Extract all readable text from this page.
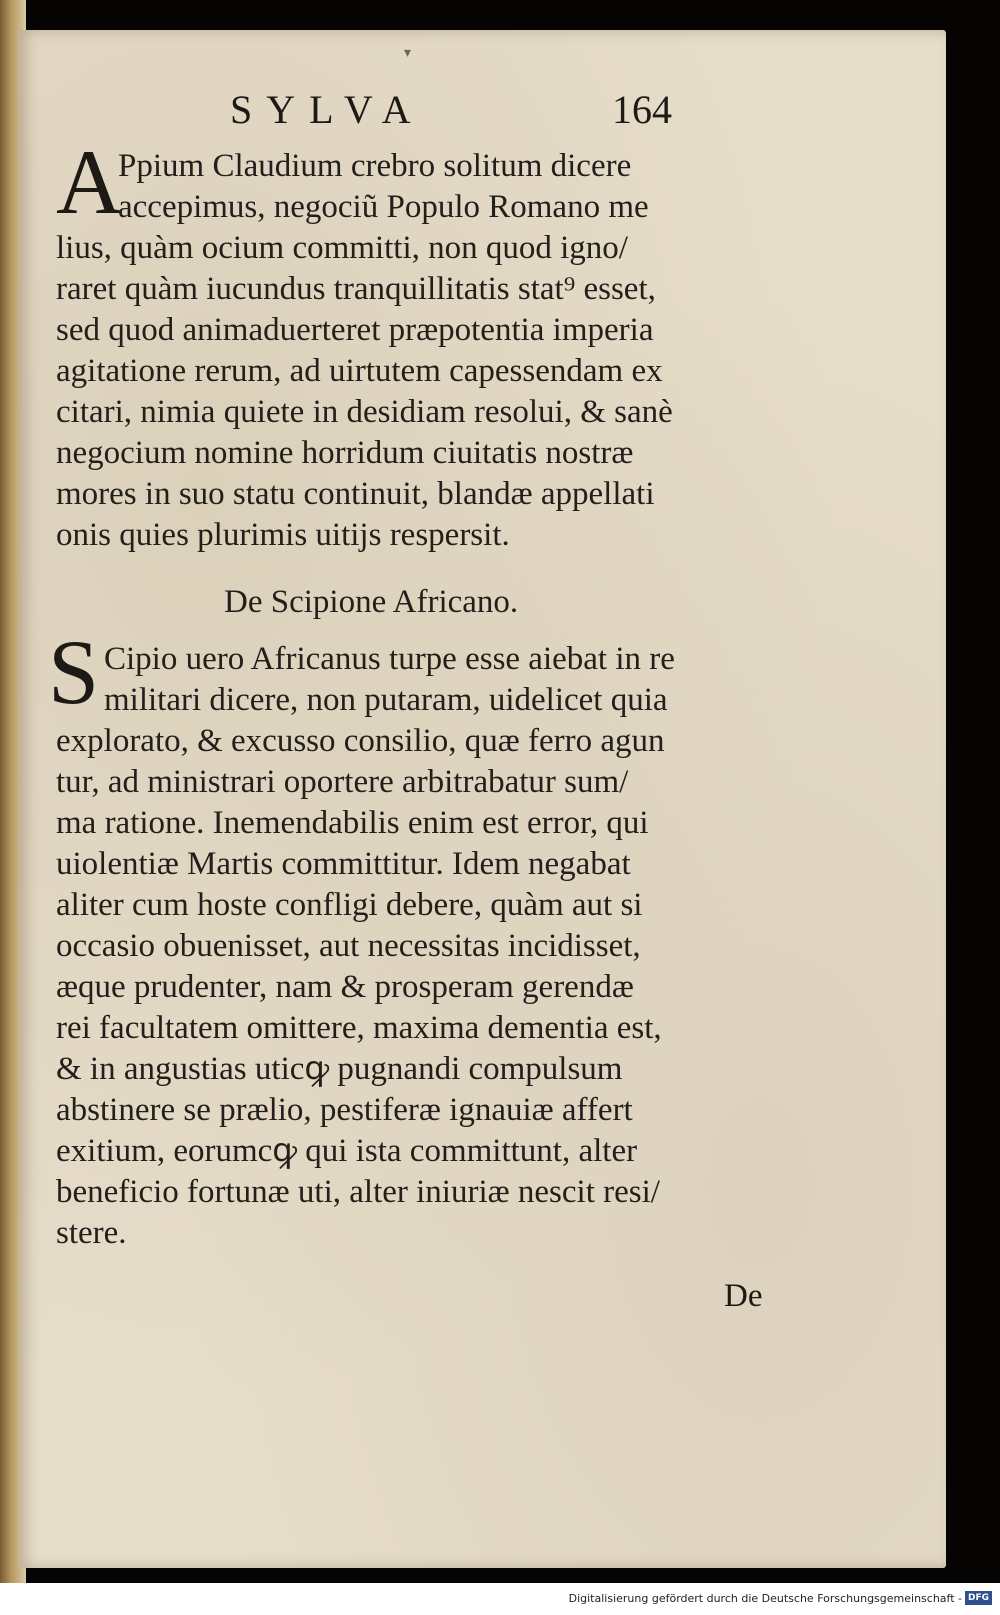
▾
SYLVA	164
A
Ppium Claudium crebro solitum dicere
accepimus, negociũ Populo Romano me
lius, quàm ocium committi, non quod igno/
raret quàm iucundus tranquillitatis stat⁹ esset,
sed quod animaduerteret præpotentia imperia
agitatione rerum, ad uirtutem capessendam ex
citari, nimia quiete in desidiam resolui, & sanè
negocium nomine horridum ciuitatis nostræ
mores in suo statu continuit, blandæ appellati
onis quies plurimis uitiјs respersit.
De Scipione Africano.
S Cipio uero Africanus turpe esse aiebat in re
militari dicere, non putaram, uidelicet quia
explorato, & excusso consilio, quæ ferro agun
tur, ad ministrari oportere arbitrabatur sum/
ma ratione. Inemendabilis enim est error, qui
uiolentiæ Martis committitur. Idem negabat
aliter cum hoste confligi debere, quàm aut si
occasio obuenisset, aut necessitas incidisset,
æque prudenter, nam & prosperam gerendæ
rei facultatem omittere, maxima dementia est,
& in angustias uticꝙ pugnandi compulsum
abstinere se prælio, pestiferæ ignauiæ affert
exitium, eorumcꝙ qui ista committunt, alter
beneficio fortunæ uti, alter iniuriæ nescit resi/
stere.
De
Digitalisierung gefördert durch die Deutsche Forschungsgemeinschaft - DFG
